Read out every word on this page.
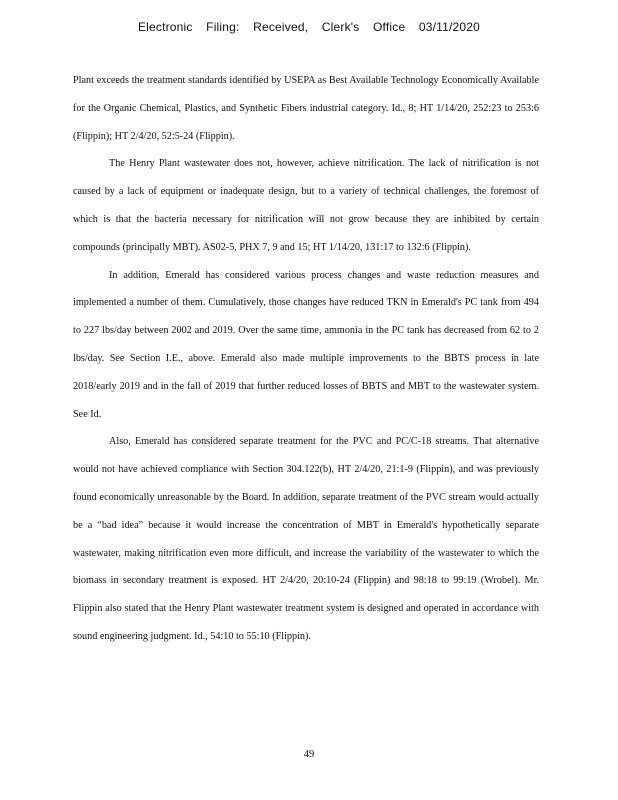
Electronic Filing: Received, Clerk's Office 03/11/2020

Plant exceeds the treatment standards identified by USEPA as Best Available Technology Economically Available for the Organic Chemical, Plastics, and Synthetic Fibers industrial category. Id., 8; HT 1/14/20, 252:23 to 253:6 (Flippin); HT 2/4/20, 52:5-24 (Flippin).

The Henry Plant wastewater does not, however, achieve nitrification. The lack of nitrification is not caused by a lack of equipment or inadequate design, but to a variety of technical challenges, the foremost of which is that the bacteria necessary for nitrification will not grow because they are inhibited by certain compounds (principally MBT). AS02-5, PHX 7, 9 and 15; HT 1/14/20, 131:17 to 132:6 (Flippin).

In addition, Emerald has considered various process changes and waste reduction measures and implemented a number of them. Cumulatively, those changes have reduced TKN in Emerald's PC tank from 494 to 227 lbs/day between 2002 and 2019. Over the same time, ammonia in the PC tank has decreased from 62 to 2 lbs/day. See Section I.E., above. Emerald also made multiple improvements to the BBTS process in late 2018/early 2019 and in the fall of 2019 that further reduced losses of BBTS and MBT to the wastewater system. See Id.

Also, Emerald has considered separate treatment for the PVC and PC/C-18 streams. That alternative would not have achieved compliance with Section 304.122(b), HT 2/4/20, 21:1-9 (Flippin), and was previously found economically unreasonable by the Board. In addition, separate treatment of the PVC stream would actually be a “bad idea” because it would increase the concentration of MBT in Emerald's hypothetically separate wastewater, making nitrification even more difficult, and increase the variability of the wastewater to which the biomass in secondary treatment is exposed. HT 2/4/20, 20:10-24 (Flippin) and 98:18 to 99:19 (Wrobel). Mr. Flippin also stated that the Henry Plant wastewater treatment system is designed and operated in accordance with sound engineering judgment. Id., 54:10 to 55:10 (Flippin).

49
